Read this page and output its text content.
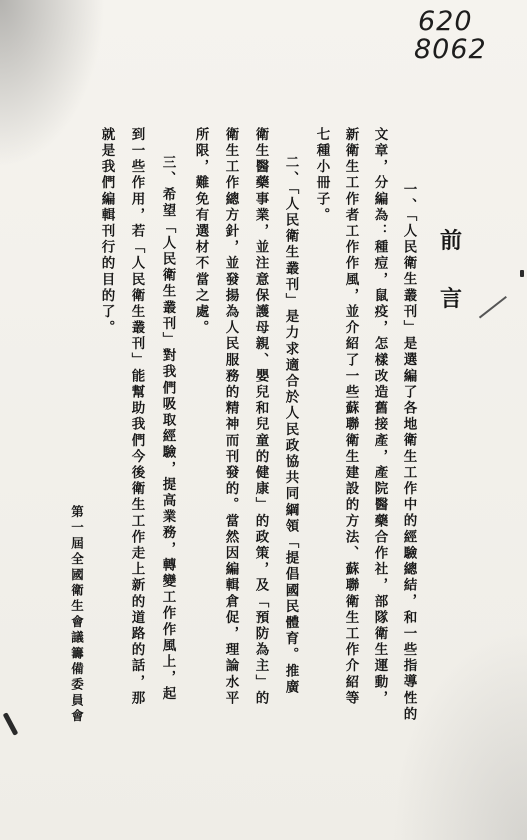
620
8062
前
言
一、「人民衛生叢刊」是選編了各地衛生工作中的經驗總結，和一些指導性的
文章，分編為：種痘，鼠疫，怎樣改造舊接產，產院醫藥合作社，部隊衛生運動，
新衛生工作者工作作風，並介紹了一些蘇聯衛生建設的方法、蘇聯衛生工作介紹等
七種小冊子。
二、「人民衛生叢刊」是力求適合於人民政協共同綱領「提倡國民體育。推廣
衛生醫藥事業，並注意保護母親、嬰兒和兒童的健康」的政策，及「預防為主」的
衛生工作總方針，並發揚為人民服務的精神而刊發的。當然因編輯倉促，理論水平
所限，難免有選材不當之處。
三、希望「人民衛生叢刊」對我們吸取經驗，提高業務，轉變工作作風上，起
到一些作用，若「人民衛生叢刊」能幫助我們今後衛生工作走上新的道路的話，那
就是我們編輯刊行的目的了。
第一屆全國衛生會議籌備委員會
